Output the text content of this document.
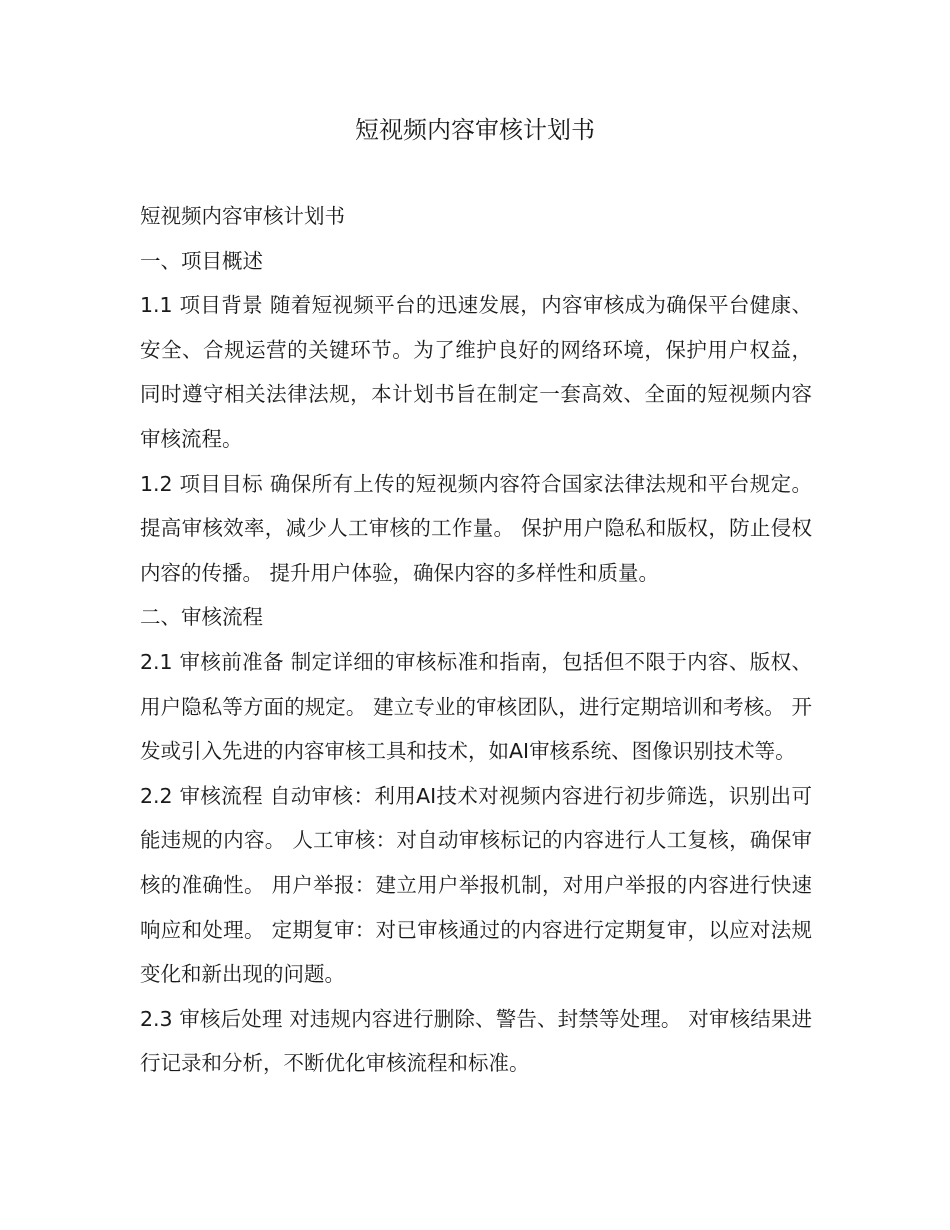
短视频内容审核计划书

短视频内容审核计划书

一、项目概述

1.1 项目背景 随着短视频平台的迅速发展，内容审核成为确保平台健康、安全、合规运营的关键环节。为了维护良好的网络环境，保护用户权益，同时遵守相关法律法规，本计划书旨在制定一套高效、全面的短视频内容审核流程。

1.2 项目目标 确保所有上传的短视频内容符合国家法律法规和平台规定。 提高审核效率，减少人工审核的工作量。 保护用户隐私和版权，防止侵权内容的传播。 提升用户体验，确保内容的多样性和质量。

二、审核流程

2.1 审核前准备 制定详细的审核标准和指南，包括但不限于内容、版权、用户隐私等方面的规定。 建立专业的审核团队，进行定期培训和考核。 开发或引入先进的内容审核工具和技术，如AI审核系统、图像识别技术等。

2.2 审核流程 自动审核：利用AI技术对视频内容进行初步筛选，识别出可能违规的内容。 人工审核：对自动审核标记的内容进行人工复核，确保审核的准确性。 用户举报：建立用户举报机制，对用户举报的内容进行快速响应和处理。 定期复审：对已审核通过的内容进行定期复审，以应对法规变化和新出现的问题。

2.3 审核后处理 对违规内容进行删除、警告、封禁等处理。 对审核结果进行记录和分析，不断优化审核流程和标准。
